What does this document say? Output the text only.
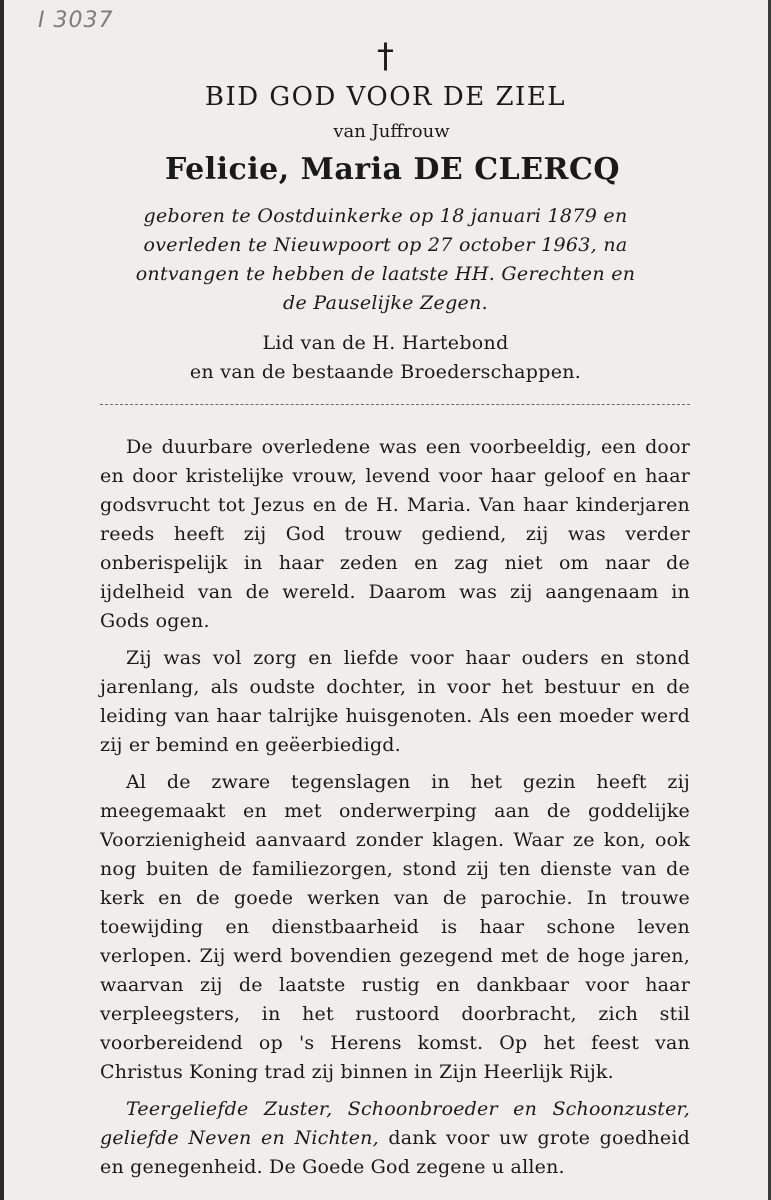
I 3037
†
BID GOD VOOR DE ZIEL
van Juffrouw
Felicie, Maria DE CLERCQ
geboren te Oostduinkerke op 18 januari 1879 en
overleden te Nieuwpoort op 27 october 1963, na
ontvangen te hebben de laatste HH. Gerechten en
de Pauselijke Zegen.
Lid van de H. Hartebond
en van de bestaande Broederschappen.

De duurbare overledene was een voorbeeldig, een door en door kristelijke vrouw, levend voor haar geloof en haar godsvrucht tot Jezus en de H. Maria. Van haar kinderjaren reeds heeft zij God trouw gediend, zij was verder onberispelijk in haar zeden en zag niet om naar de ijdelheid van de wereld. Daarom was zij aangenaam in Gods ogen.

Zij was vol zorg en liefde voor haar ouders en stond jarenlang, als oudste dochter, in voor het bestuur en de leiding van haar talrijke huisgenoten. Als een moeder werd zij er bemind en geëerbiedigd.

Al de zware tegenslagen in het gezin heeft zij meegemaakt en met onderwerping aan de goddelijke Voorzienigheid aanvaard zonder klagen. Waar ze kon, ook nog buiten de familiezorgen, stond zij ten dienste van de kerk en de goede werken van de parochie. In trouwe toewijding en dienstbaarheid is haar schone leven verlopen. Zij werd bovendien gezegend met de hoge jaren, waarvan zij de laatste rustig en dankbaar voor haar verpleegsters, in het rustoord doorbracht, zich stil voorbereidend op 's Herens komst. Op het feest van Christus Koning trad zij binnen in Zijn Heerlijk Rijk.

Teergeliefde Zuster, Schoonbroeder en Schoonzuster, geliefde Neven en Nichten, dank voor uw grote goedheid en genegenheid. De Goede God zegene u allen.
